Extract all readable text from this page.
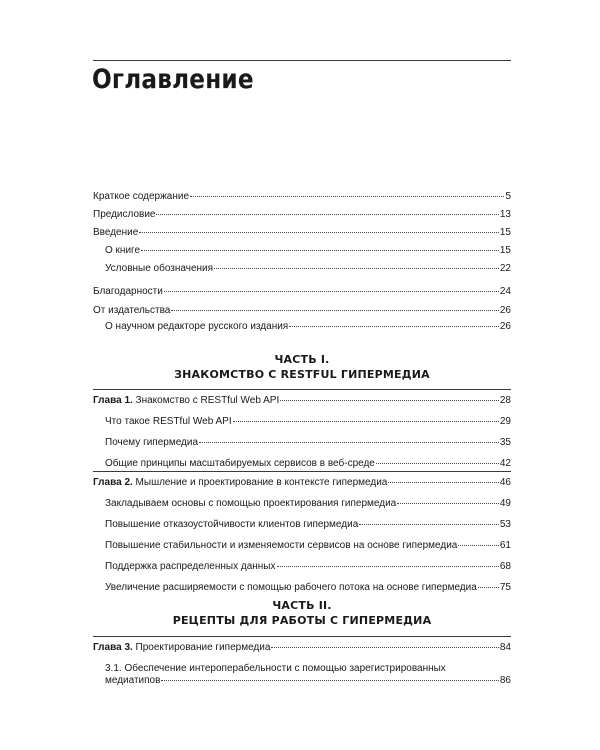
Оглавление
Краткое содержание	5
Предисловие	13
Введение	15
О книге	15
Условные обозначения	22
Благодарности	24
От издательства	26
О научном редакторе русского издания	26
ЧАСТЬ I.
ЗНАКОМСТВО С RESTFUL ГИПЕРМЕДИА
Глава 1. Знакомство с RESTful Web API	28
Что такое RESTful Web API	29
Почему гипермедиа	35
Общие принципы масштабируемых сервисов в веб-среде	42
Глава 2. Мышление и проектирование в контексте гипермедиа	46
Закладываем основы с помощью проектирования гипермедиа	49
Повышение отказоустойчивости клиентов гипермедиа	53
Повышение стабильности и изменяемости сервисов на основе гипермедиа	61
Поддержка распределенных данных	68
Увеличение расширяемости с помощью рабочего потока на основе гипермедиа 75
ЧАСТЬ II.
РЕЦЕПТЫ ДЛЯ РАБОТЫ С ГИПЕРМЕДИА
Глава 3. Проектирование гипермедиа	84
3.1. Обеспечение интероперабельности с помощью зарегистрированных
медиатипов	86
